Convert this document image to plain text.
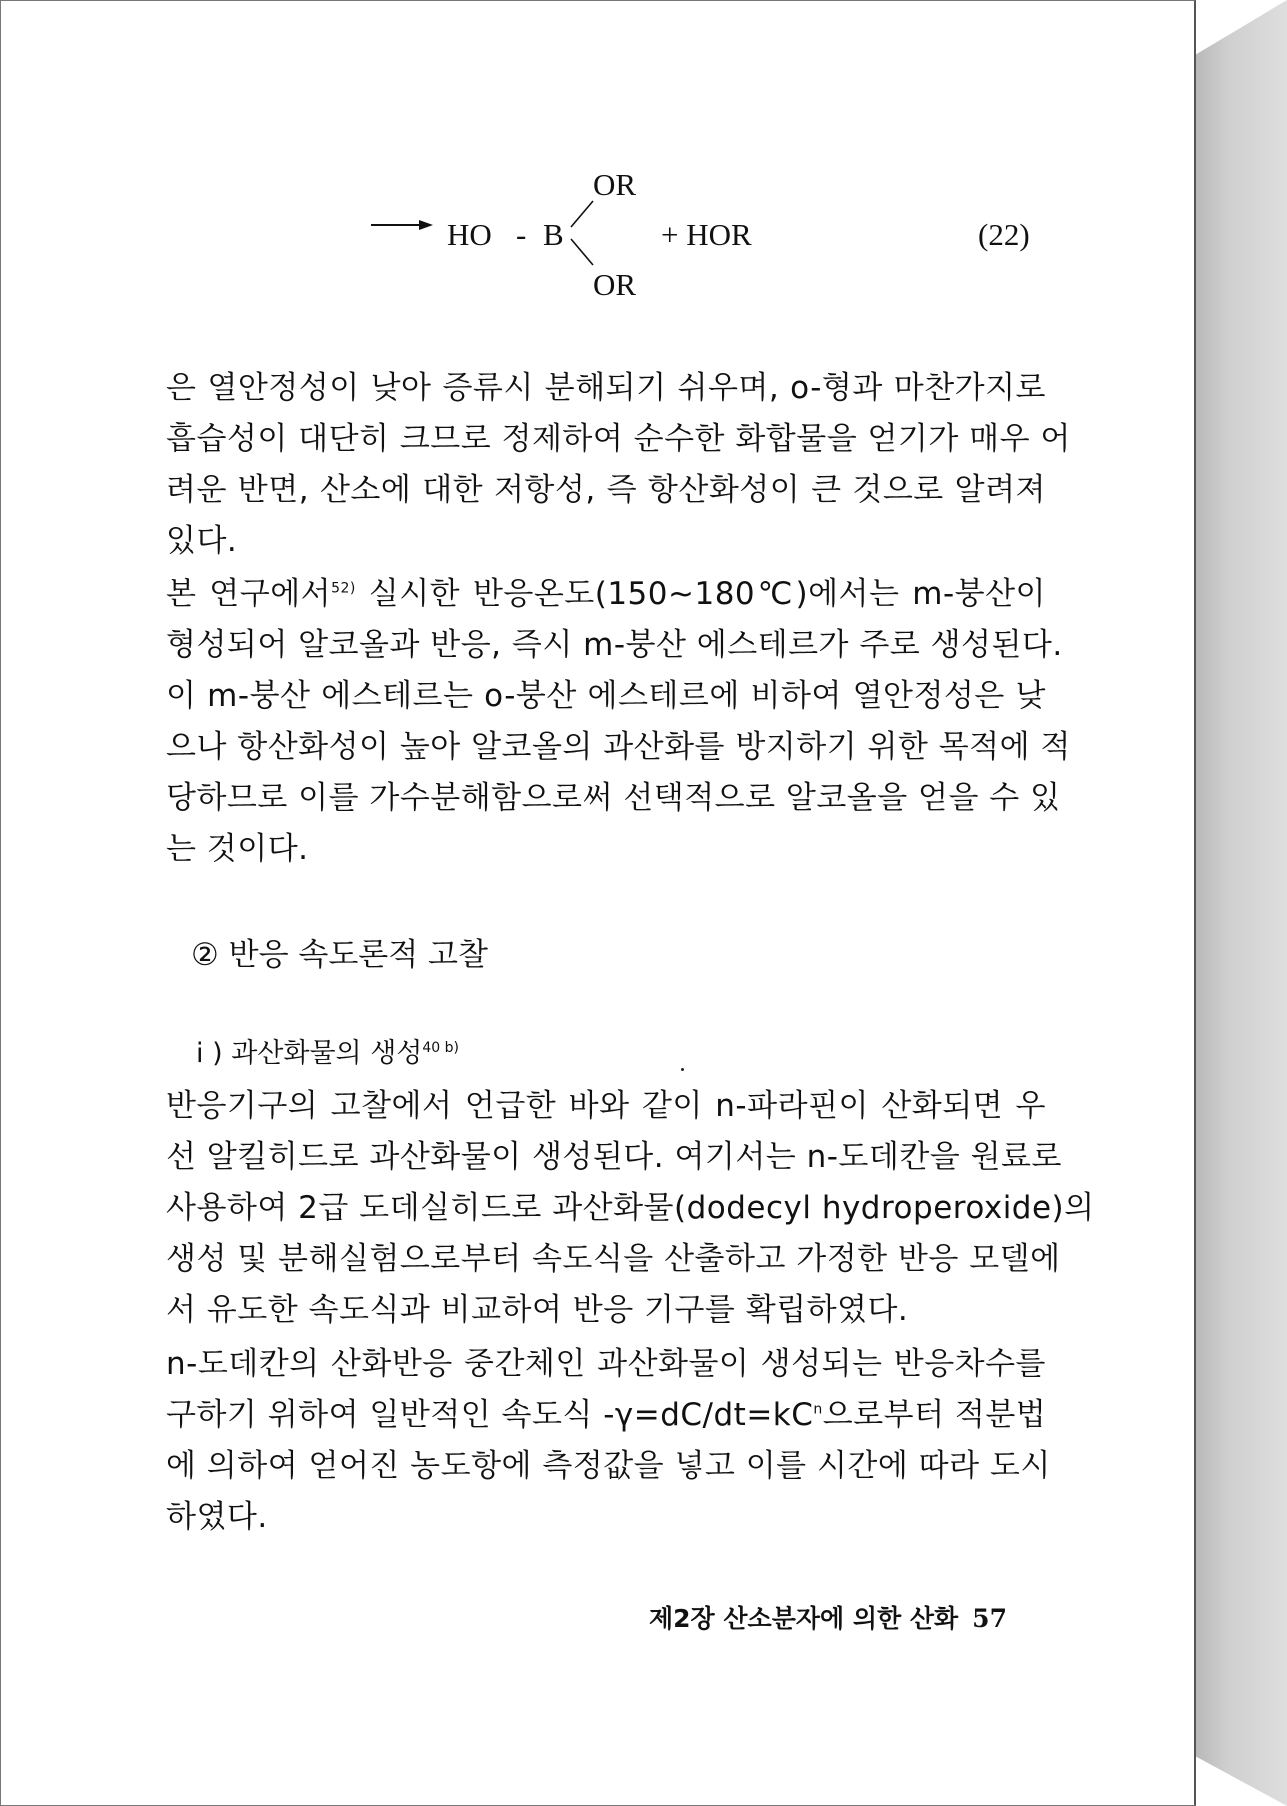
OR
→ HO - B
OR
+ HOR	(22)
은 열안정성이 낮아 증류시 분해되기 쉬우며, o-형과 마찬가지로
흡습성이 대단히 크므로 정제하여 순수한 화합물을 얻기가 매우 어
려운 반면, 산소에 대한 저항성, 즉 항산화성이 큰 것으로 알려져
있다.
본 연구에서$^{52)}$ 실시한 반응온도(150∼180℃)에서는 m-붕산이
형성되어 알코올과 반응, 즉시 m-붕산 에스테르가 주로 생성된다.
이 m-붕산 에스테르는 o-붕산 에스테르에 비하여 열안정성은 낮
으나 항산화성이 높아 알코올의 과산화를 방지하기 위한 목적에 적
당하므로 이를 가수분해함으로써 선택적으로 알코올을 얻을 수 있
는 것이다.
② 반응 속도론적 고찰
i ) 과산화물의 생성$^{40 b)}$
반응기구의 고찰에서 언급한 바와 같이 n-파라핀이 산화되면 우
선 알킬히드로 과산화물이 생성된다. 여기서는 n-도데칸을 원료로
사용하여 2급 도데실히드로 과산화물(dodecyl hydroperoxide)의
생성 및 분해실험으로부터 속도식을 산출하고 가정한 반응 모델에
서 유도한 속도식과 비교하여 반응 기구를 확립하였다.
n-도데칸의 산화반응 중간체인 과산화물이 생성되는 반응차수를
구하기 위하여 일반적인 속도식 $-\gamma=dC/dt=kC^n$으로부터 적분법
에 의하여 얻어진 농도항에 측정값을 넣고 이를 시간에 따라 도시
하였다.
제2장 산소분자에 의한 산화 57
